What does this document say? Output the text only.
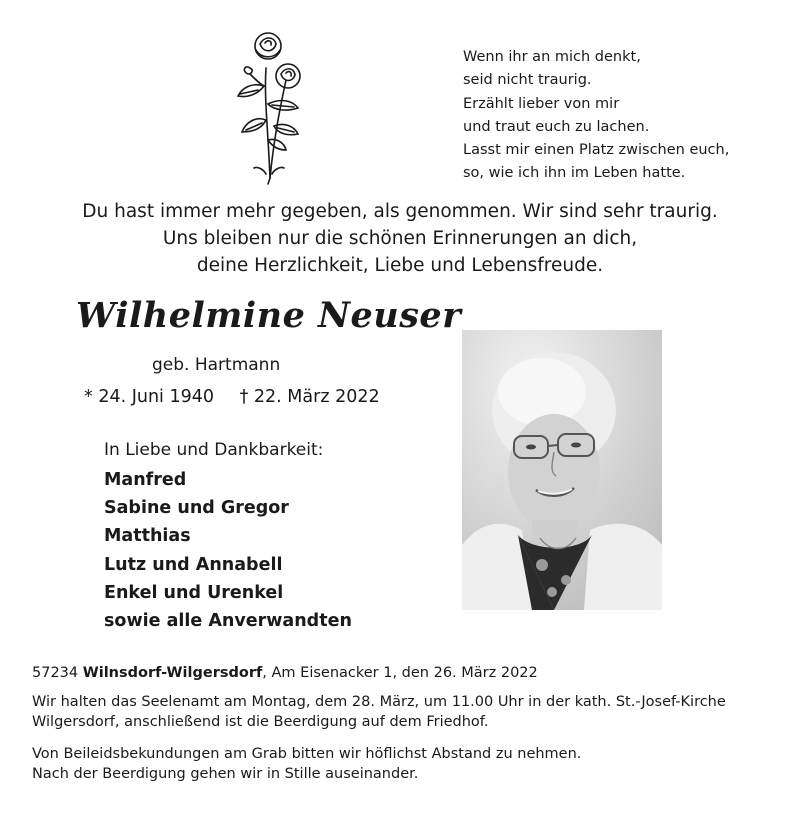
Wenn ihr an mich denkt,
seid nicht traurig.
Erzählt lieber von mir
und traut euch zu lachen.
Lasst mir einen Platz zwischen euch,
so, wie ich ihn im Leben hatte.
Du hast immer mehr gegeben, als genommen. Wir sind sehr traurig.
Uns bleiben nur die schönen Erinnerungen an dich,
deine Herzlichkeit, Liebe und Lebensfreude.
Wilhelmine Neuser
geb. Hartmann
* 24. Juni 1940 † 22. März 2022
In Liebe und Dankbarkeit:
Manfred
Sabine und Gregor
Matthias
Lutz und Annabell
Enkel und Urenkel
sowie alle Anverwandten
57234 Wilnsdorf-Wilgersdorf, Am Eisenacker 1, den 26. März 2022
Wir halten das Seelenamt am Montag, dem 28. März, um 11.00 Uhr in der kath. St.-Josef-Kirche
Wilgersdorf, anschließend ist die Beerdigung auf dem Friedhof.
Von Beileidsbekundungen am Grab bitten wir höflichst Abstand zu nehmen.
Nach der Beerdigung gehen wir in Stille auseinander.
